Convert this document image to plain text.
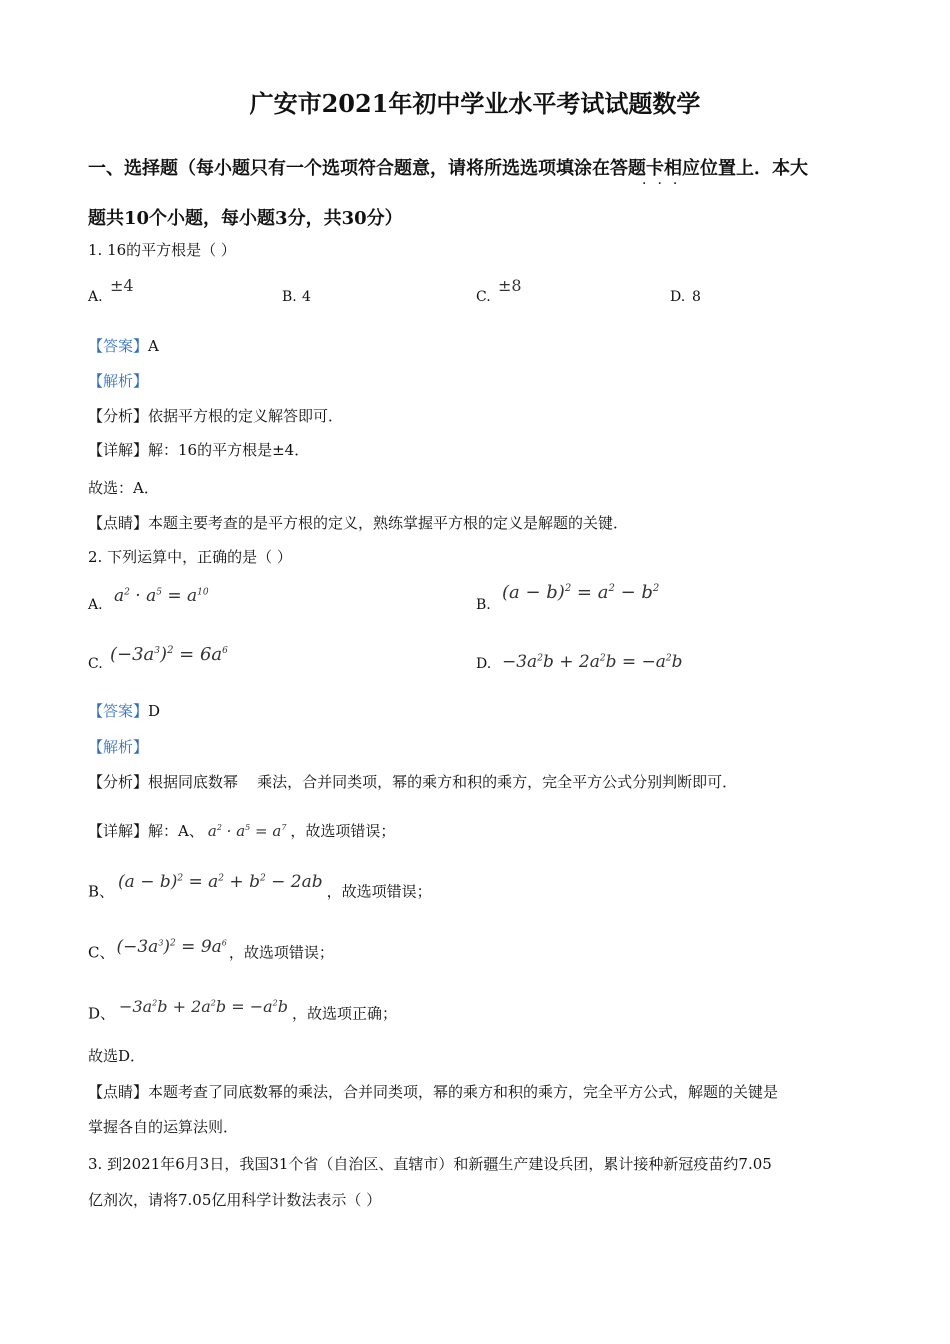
广安市2021年初中学业水平考试试题数学
一、选择题（每小题只有一个选项符合题意，请将所选选项填涂在答题卡相应位置上．本大
···
题共10个小题，每小题3分，共30分）
1. 16的平方根是（ ）
A.
±4
B. 4	C.
±8
D. 8
【答案】A
【解析】
【分析】依据平方根的定义解答即可．
【详解】解：16的平方根是±4．
故选：A．
【点睛】本题主要考查的是平方根的定义，熟练掌握平方根的定义是解题的关键．
2. 下列运算中，正确的是（ ）
A. $a^2 \cdot a^5 = a^{10}$
B.
$(a - b)^2 = a^2 - b^2$
C. $(-3a^3)^2 = 6a^6$
D. $-3a^2b + 2a^2b = -a^2b$
【答案】D
【解析】
【分析】根据同底数幂    乘法，合并同类项，幂的乘方和积的乘方，完全平方公式分别判断即可．
【详解】解：A、 $a^2 \cdot a^5 = a^7$ ，故选项错误；
B、 $(a - b)^2 = a^2 + b^2 - 2ab$ ，故选项错误；
C、 $(-3a^3)^2 = 9a^6$，故选项错误；
D、 $-3a^2b + 2a^2b = -a^2b$ ，故选项正确；
故选D．
【点睛】本题考查了同底数幂的乘法，合并同类项，幂的乘方和积的乘方，完全平方公式，解题的关键是
掌握各自的运算法则．
3. 到2021年6月3日，我国31个省（自治区、直辖市）和新疆生产建设兵团，累计接种新冠疫苗约7.05
亿剂次，请将7.05亿用科学计数法表示（ ）
